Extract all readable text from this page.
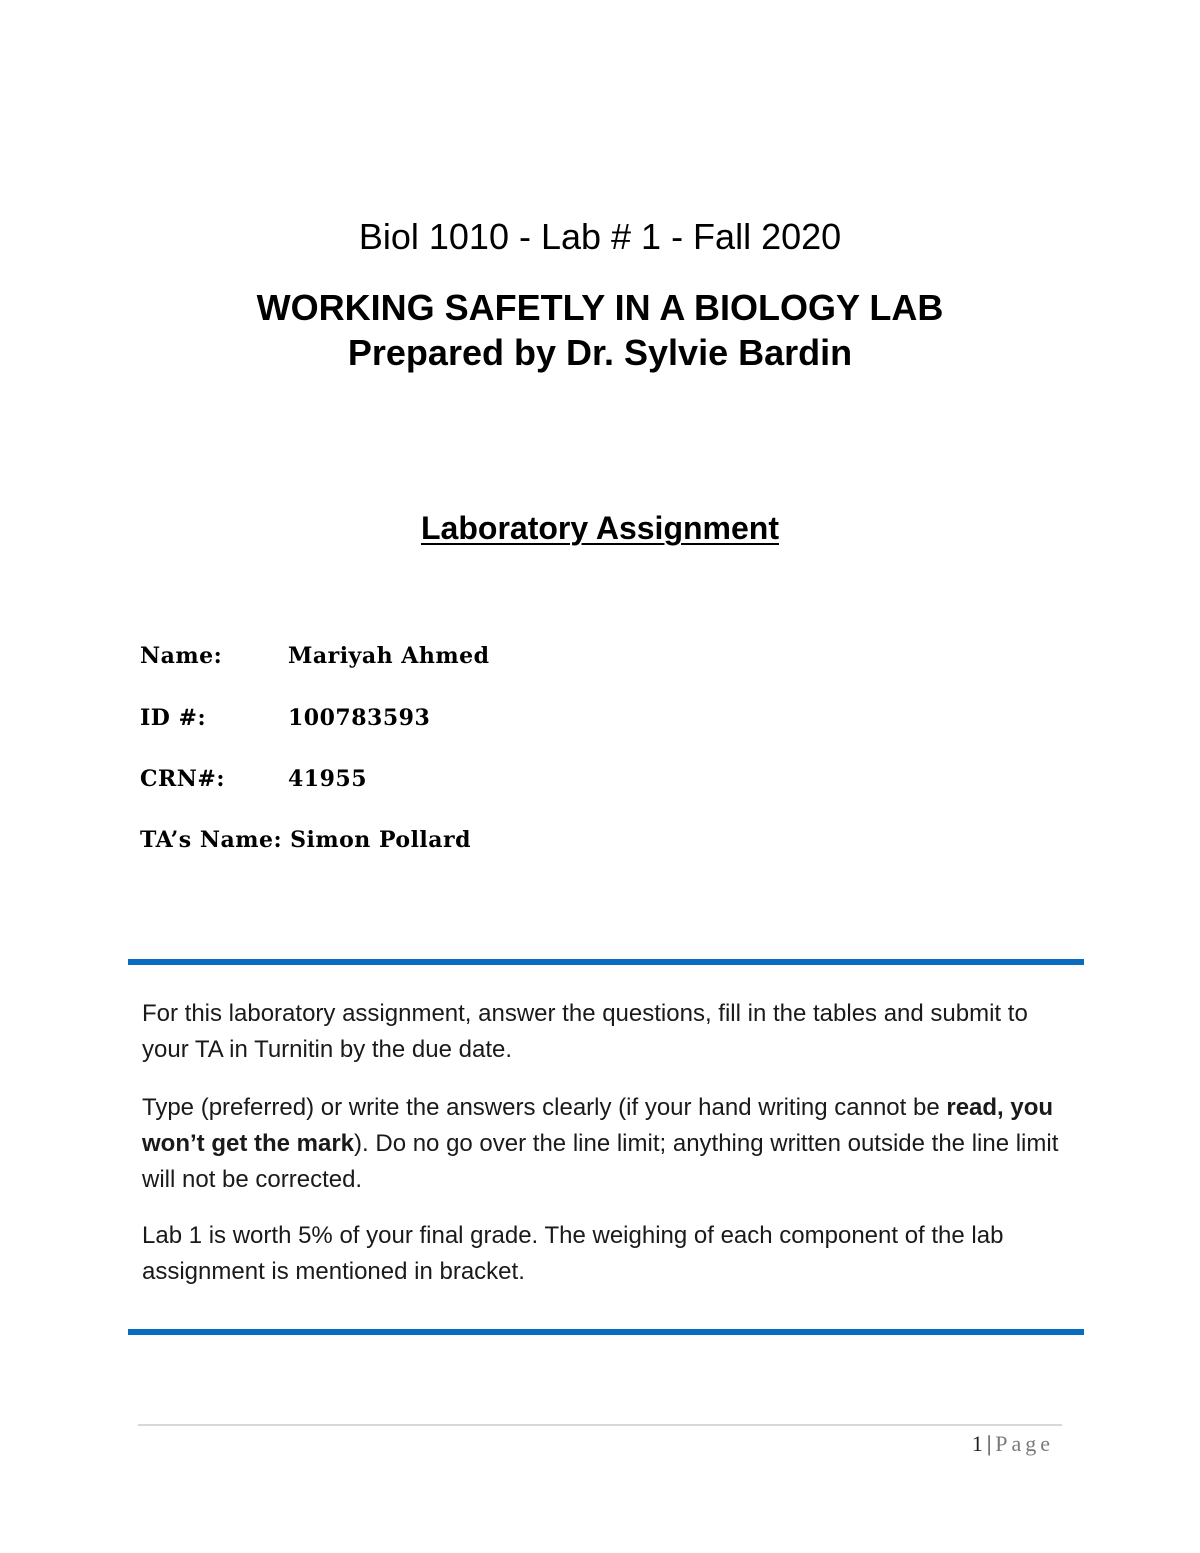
Biol 1010 - Lab # 1 - Fall 2020
WORKING SAFETLY IN A BIOLOGY LAB
Prepared by Dr. Sylvie Bardin
Laboratory Assignment
Name:	Mariyah Ahmed
ID #:	100783593
CRN#:	41955
TA’s Name: Simon Pollard

For this laboratory assignment, answer the questions, fill in the tables and submit to your TA in Turnitin by the due date.

Type (preferred) or write the answers clearly (if your hand writing cannot be read, you won’t get the mark). Do no go over the line limit; anything written outside the line limit will not be corrected.

Lab 1 is worth 5% of your final grade. The weighing of each component of the lab assignment is mentioned in bracket.

1 | Page
